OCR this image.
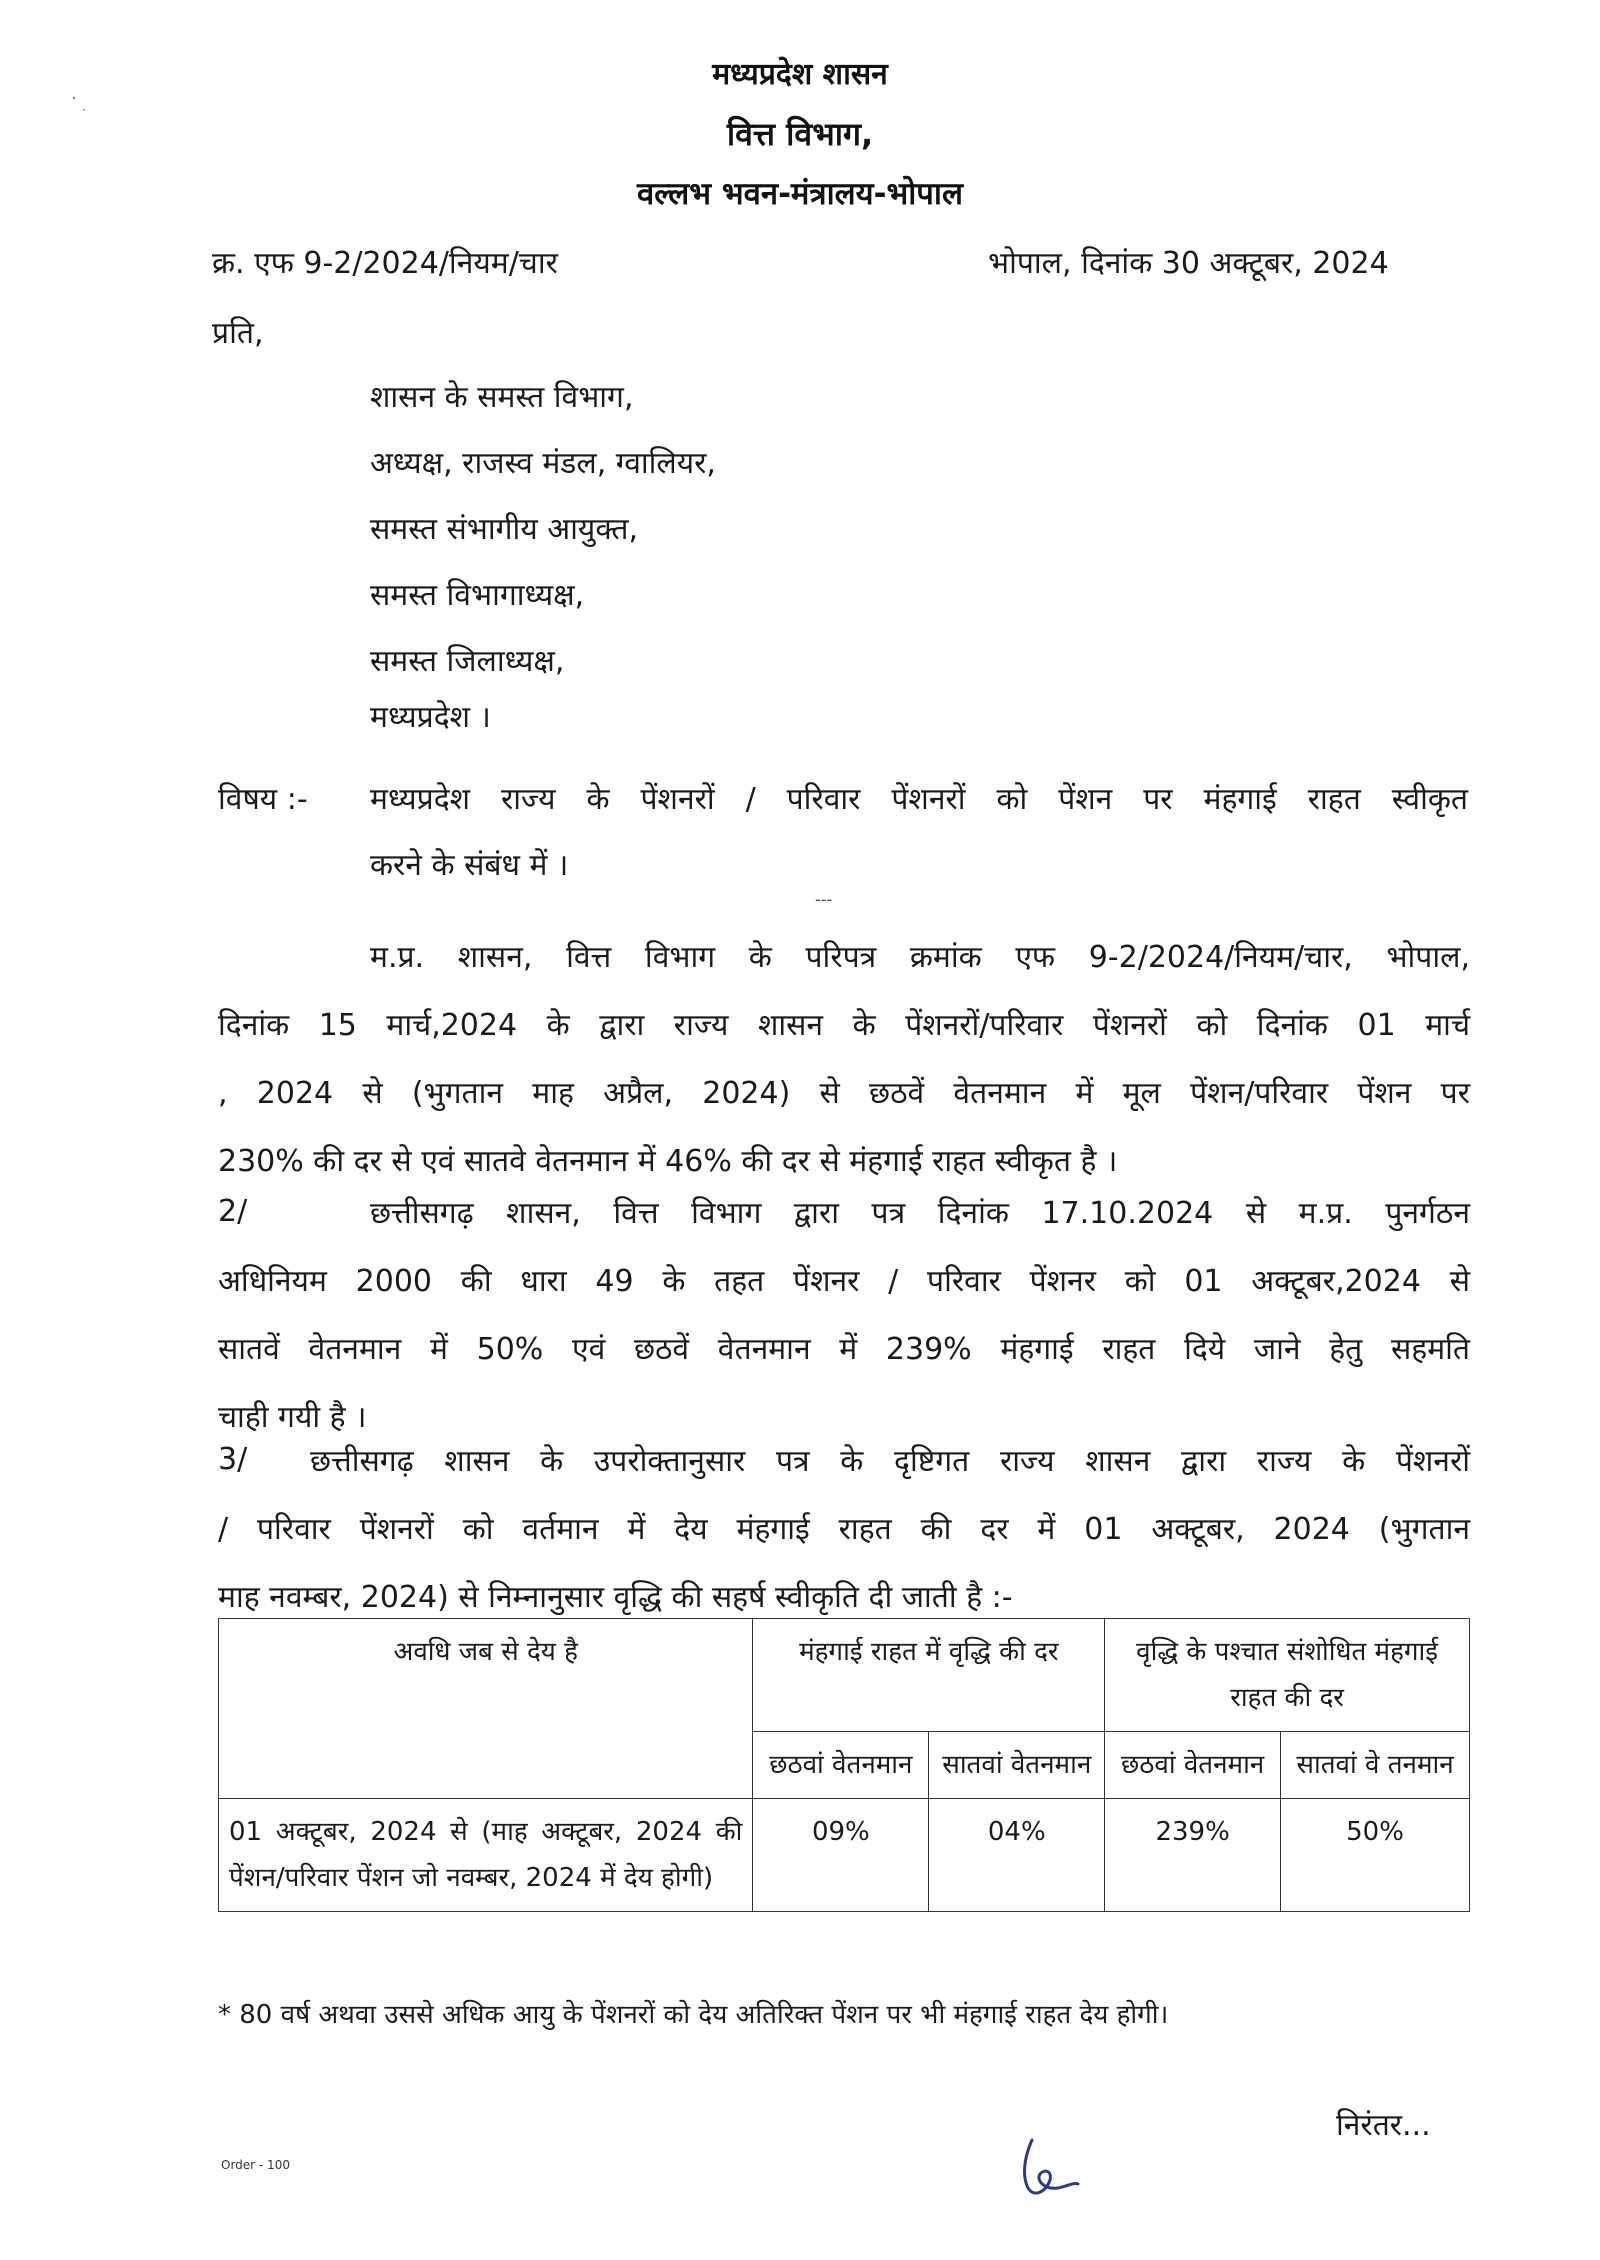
मध्यप्रदेश शासन
वित्त विभाग,
वल्लभ भवन-मंत्रालय-भोपाल
क्र. एफ 9-2/2024/नियम/चार	भोपाल, दिनांक 30 अक्टूबर, 2024
प्रति,
शासन के समस्त विभाग,
अध्यक्ष, राजस्व मंडल, ग्वालियर,
समस्त संभागीय आयुक्त,
समस्त विभागाध्यक्ष,
समस्त जिलाध्यक्ष,
मध्यप्रदेश ।
विषय :- मध्यप्रदेश राज्य के पेंशनरों / परिवार पेंशनरों को पेंशन पर मंहगाई राहत स्वीकृत
करने के संबंध में ।
---
म.प्र. शासन, वित्त विभाग के परिपत्र क्रमांक एफ 9-2/2024/नियम/चार, भोपाल,
दिनांक 15 मार्च,2024 के द्वारा राज्य शासन के पेंशनरों/परिवार पेंशनरों को दिनांक 01 मार्च
, 2024 से (भुगतान माह अप्रैल, 2024) से छठवें वेतनमान में मूल पेंशन/परिवार पेंशन पर
230% की दर से एवं सातवे वेतनमान में 46% की दर से मंहगाई राहत स्वीकृत है ।
2/	छत्तीसगढ़ शासन, वित्त विभाग द्वारा पत्र दिनांक 17.10.2024 से म.प्र. पुनर्गठन
अधिनियम 2000 की धारा 49 के तहत पेंशनर / परिवार पेंशनर को 01 अक्टूबर,2024 से
सातवें वेतनमान में 50% एवं छठवें वेतनमान में 239% मंहगाई राहत दिये जाने हेतु सहमति
चाही गयी है ।
3/	छत्तीसगढ़ शासन के उपरोक्तानुसार पत्र के दृष्टिगत राज्य शासन द्वारा राज्य के पेंशनरों
/ परिवार पेंशनरों को वर्तमान में देय मंहगाई राहत की दर में 01 अक्टूबर, 2024 (भुगतान
माह नवम्बर, 2024) से निम्नानुसार वृद्धि की सहर्ष स्वीकृति दी जाती है :-
अवधि जब से देय है	मंहगाई राहत में वृद्धि की दर		वृद्धि के पश्चात संशोधित मंहगाई राहत की दर	
	छठवां वेतनमान	सातवां वेतनमान	छठवां वेतनमान	सातवां वे तनमान
01 अक्टूबर, 2024 से (माह अक्टूबर, 2024 की पेंशन/परिवार पेंशन जो नवम्बर, 2024 में देय होगी)	09%	04%	239%	50%
* 80 वर्ष अथवा उससे अधिक आयु के पेंशनरों को देय अतिरिक्त पेंशन पर भी मंहगाई राहत देय होगी।
निरंतर...
Order - 100
